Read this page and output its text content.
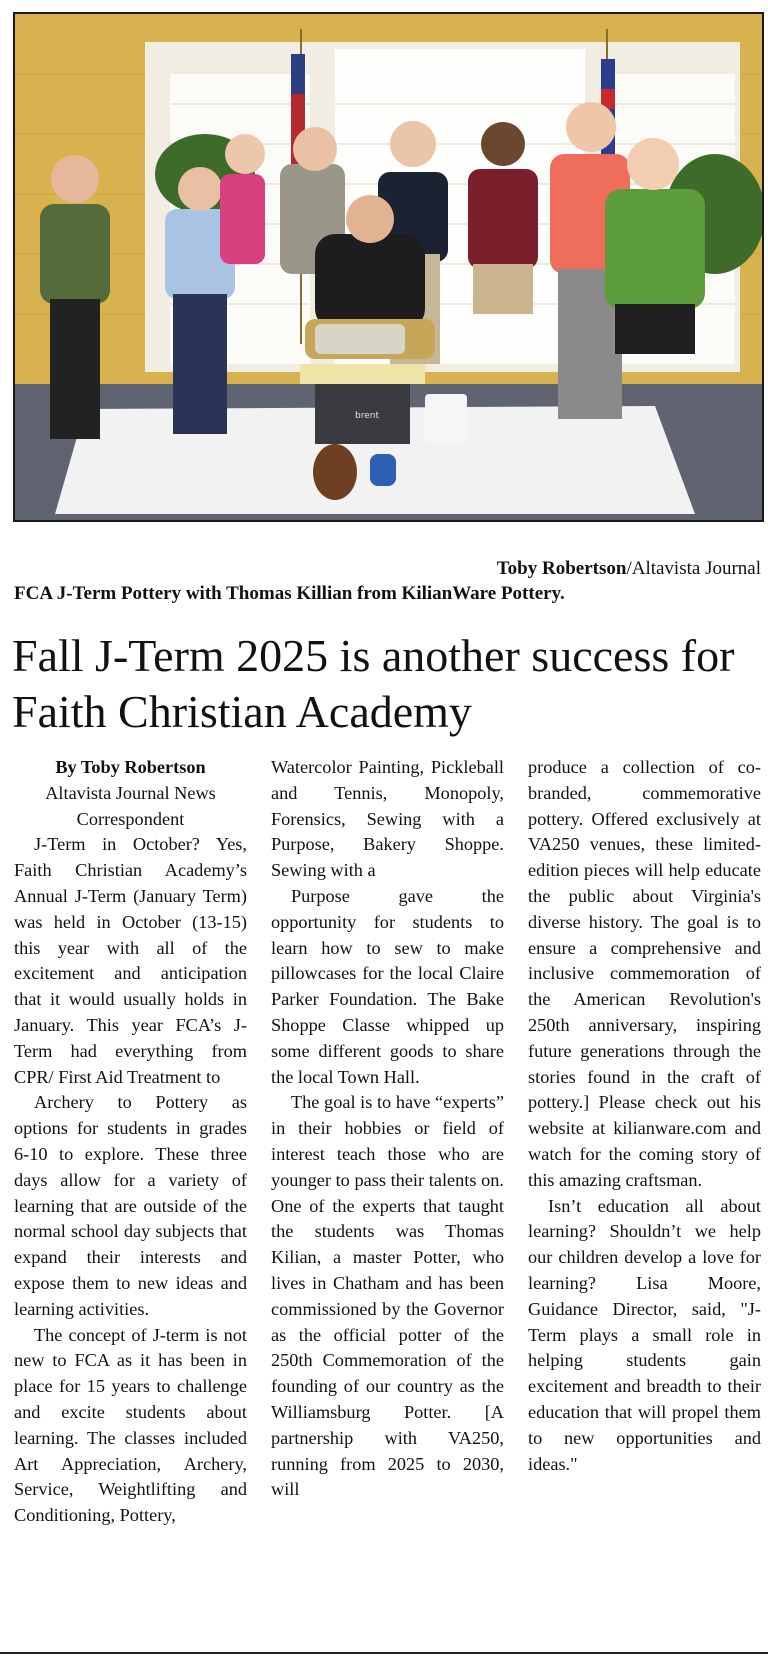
brent
Toby Robertson/Altavista Journal
FCA J-Term Pottery with Thomas Killian from KilianWare Pottery.
Fall J-Term 2025 is another success for Faith Christian Academy

By Toby Robertson

Altavista Journal News

Correspondent

J-Term in October? Yes, Faith Christian Academy’s Annual J-Term (January Term) was held in October (13-15) this year with all of the excitement and anticipation that it would usually holds in January. This year FCA’s J-Term had everything from CPR/ First Aid Treatment to

Archery to Pottery as options for students in grades 6-10 to explore. These three days allow for a variety of learning that are outside of the normal school day subjects that expand their interests and expose them to new ideas and learning activities.

The concept of J-term is not new to FCA as it has been in place for 15 years to challenge and excite students about learning. The classes included Art Appreciation, Archery, Service, Weightlifting and Conditioning, Pottery,

Watercolor Painting, Pickleball and Tennis, Monopoly, Forensics, Sewing with a Purpose, Bakery Shoppe. Sewing with a

Purpose gave the opportunity for students to learn how to sew to make pillowcases for the local Claire Parker Foundation. The Bake Shoppe Classe whipped up some different goods to share the local Town Hall.

The goal is to have “experts” in their hobbies or field of interest teach those who are younger to pass their talents on. One of the experts that taught the students was Thomas Kilian, a master Potter, who lives in Chatham and has been commissioned by the Governor as the official potter of the 250th Commemoration of the founding of our country as the Williamsburg Potter. [A partnership with VA250, running from 2025 to 2030, will

produce a collection of co-branded, commemorative pottery. Offered exclusively at VA250 venues, these limited-edition pieces will help educate the public about Virginia's diverse history. The goal is to ensure a comprehensive and inclusive commemoration of the American Revolution's 250th anniversary, inspiring future generations through the stories found in the craft of pottery.] Please check out his website at kilianware.com and watch for the coming story of this amazing craftsman.

Isn’t education all about learning? Shouldn’t we help our children develop a love for learning? Lisa Moore, Guidance Director, said, "J-Term plays a small role in helping students gain excitement and breadth to their education that will propel them to new opportunities and ideas."
